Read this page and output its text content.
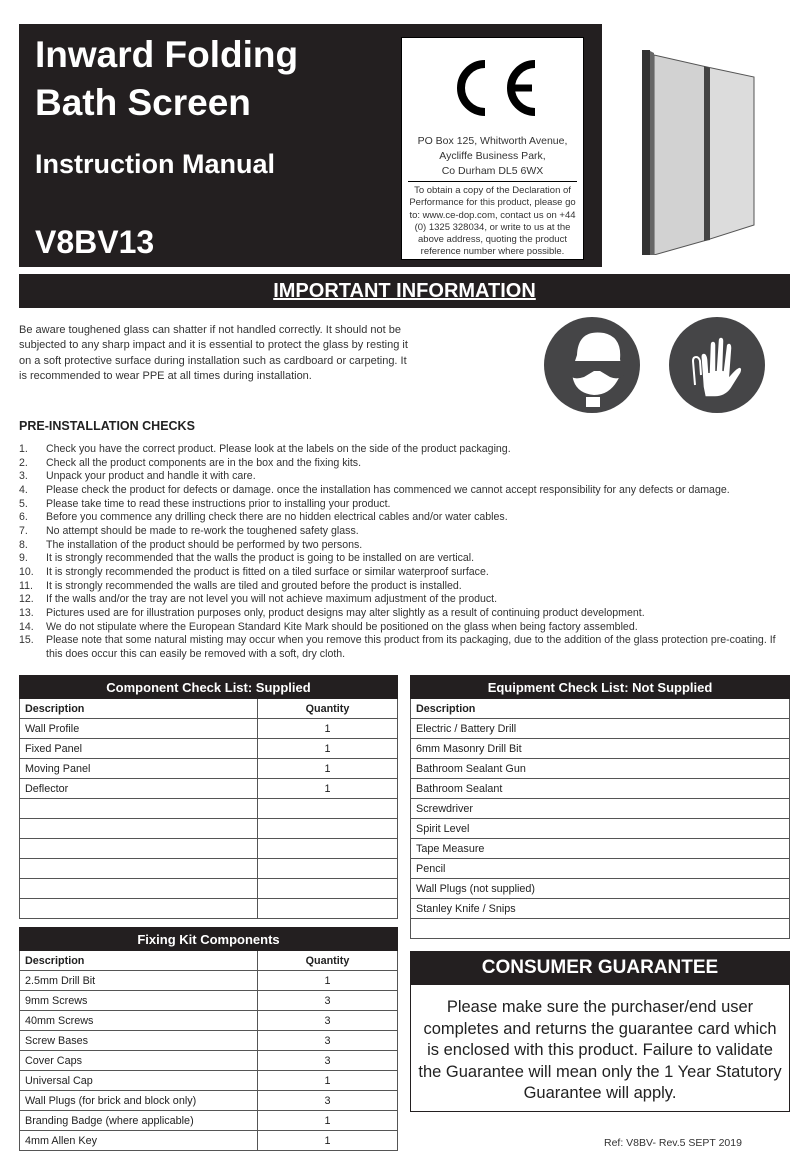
Inward Folding
Bath Screen
Instruction Manual
V8BV13
PO Box 125, Whitworth Avenue,
Aycliffe Business Park,
Co Durham DL5 6WX
To obtain a copy of the Declaration of Performance for this product, please go to: www.ce-dop.com, contact us on +44 (0) 1325 328034, or write to us at the above address, quoting the product reference number where possible.
IMPORTANT INFORMATION
Be aware toughened glass can shatter if not handled correctly. It should not be subjected to any sharp impact and it is essential to protect the glass by resting it on a soft protective surface during installation such as cardboard or carpeting. It is recommended to wear PPE at all times during installation.
PRE-INSTALLATION CHECKS
1. Check you have the correct product. Please look at the labels on the side of the product packaging.
2. Check all the product components are in the box and the fixing kits.
3. Unpack your product and handle it with care.
4. Please check the product for defects or damage. once the installation has commenced we cannot accept responsibility for any defects or damage.
5. Please take time to read these instructions prior to installing your product.
6. Before you commence any drilling check there are no hidden electrical cables and/or water cables.
7. No attempt should be made to re-work the toughened safety glass.
8. The installation of the product should be performed by two persons.
9. It is strongly recommended that the walls the product is going to be installed on are vertical.
10. It is strongly recommended the product is fitted on a tiled surface or similar waterproof surface.
11. It is strongly recommended the walls are tiled and grouted before the product is installed.
12. If the walls and/or the tray are not level you will not achieve maximum adjustment of the product.
13. Pictures used are for illustration purposes only, product designs may alter slightly as a result of continuing product development.
14. We do not stipulate where the European Standard Kite Mark should be positioned on the glass when being factory assembled.
15. Please note that some natural misting may occur when you remove this product from its packaging, due to the addition of the glass protection pre-coating. If this does occur this can easily be removed with a soft, dry cloth.
Component Check List: Supplied	
Description	Quantity
Wall Profile	1
Fixed Panel	1
Moving Panel	1
Deflector	1

Fixing Kit Components	
Description	Quantity
2.5mm Drill Bit	1
9mm Screws	3
40mm Screws	3
Screw Bases	3
Cover Caps	3
Universal Cap	1
Wall Plugs (for brick and block only)	3
Branding Badge (where applicable)	1
4mm Allen Key	1
Equipment Check List: Not Supplied
Description
Electric / Battery Drill
6mm Masonry Drill Bit
Bathroom Sealant Gun
Bathroom Sealant
Screwdriver
Spirit Level
Tape Measure
Pencil
Wall Plugs (not supplied)
Stanley Knife / Snips

CONSUMER GUARANTEE
Please make sure the purchaser/end user completes and returns the guarantee card which is enclosed with this product. Failure to validate the Guarantee will mean only the 1 Year Statutory Guarantee will apply.
Ref: V8BV- Rev.5 SEPT 2019
